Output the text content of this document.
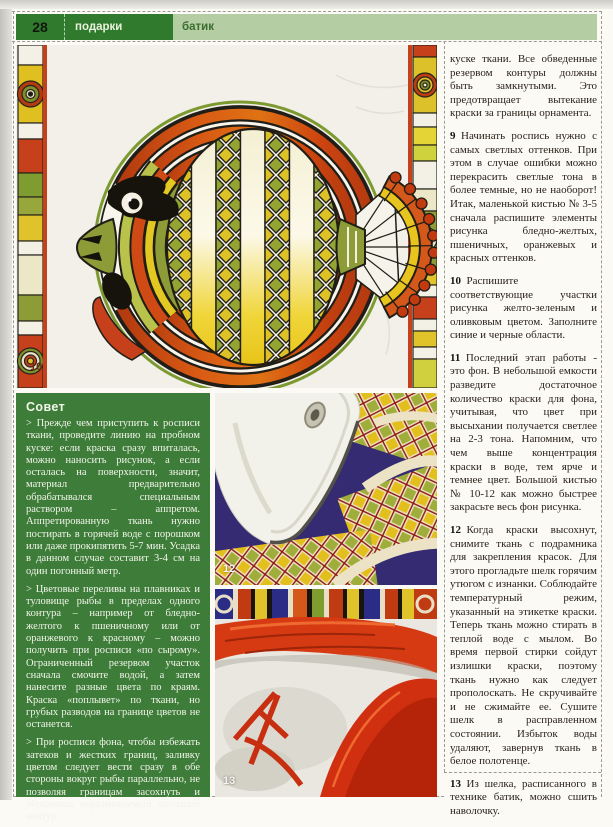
28	подарки	батик
10
Совет

> Прежде чем приступить к росписи ткани, проведите линию на пробном куске: если краска сразу впиталась, можно наносить рисунок, а если осталась на поверхности, значит, материал предварительно обрабатывался специальным раствором – аппретом. Аппретированную ткань нужно постирать в горячей воде с порошком или даже прокипятить 5-7 мин. Усадка в данном случае составит 3-4 см на один погонный метр.

> Цветовые переливы на плавниках и туловище рыбы в пределах одного контура – например от бледно-желтого к пшеничному или от оранжевого к красному – можно получить при росписи «по сырому». Ограниченный резервом участок сначала смочите водой, а затем нанесите разные цвета по краям. Краска «поплывет» по ткани, но грубых разводов на границе цветов не останется.

> При росписи фона, чтобы избежать затеков и жестких границ, заливку цветом следует вести сразу в обе стороны вокруг рыбы параллельно, не позволяя границам засохнуть и образовать неразмываемый засохший контур.

12
13

куске ткани. Все обведенные резервом контуры должны быть замкнутыми. Это предотвращает вытекание краски за границы орнамента.

9  Начинать роспись нужно с самых светлых оттенков. При этом в случае ошибки можно перекрасить светлые тона в более темные, но не наоборот! Итак, маленькой кистью № 3-5 сначала распишите элементы рисунка бледно-желтых, пшеничных, оранжевых и красных оттенков.

10  Распишите соответствующие участки рисунка желто-зеленым и оливковым цветом. Заполните синие и черные области.

11  Последний этап работы - это фон. В небольшой емкости разведите достаточное количество краски для фона, учитывая, что цвет при высыхании получается светлее на 2-3 тона. Напомним, что чем выше концентрация краски в воде, тем ярче и темнее цвет. Большой кистью № 10-12 как можно быстрее закрасьте весь фон рисунка.

12  Когда краски высохнут, снимите ткань с подрамника для закрепления красок. Для этого прогладьте шелк горячим утюгом с изнанки. Соблюдайте температурный режим, указанный на этикетке краски. Теперь ткань можно стирать в теплой воде с мылом. Во время первой стирки сойдут излишки краски, поэтому ткань нужно как следует прополоскать. Не скручивайте и не сжимайте ее. Сушите шелк в расправленном состоянии. Избыток воды удаляют, завернув ткань в белое полотенце.

13  Из шелка, расписанного в технике батик, можно сшить наволочку.
